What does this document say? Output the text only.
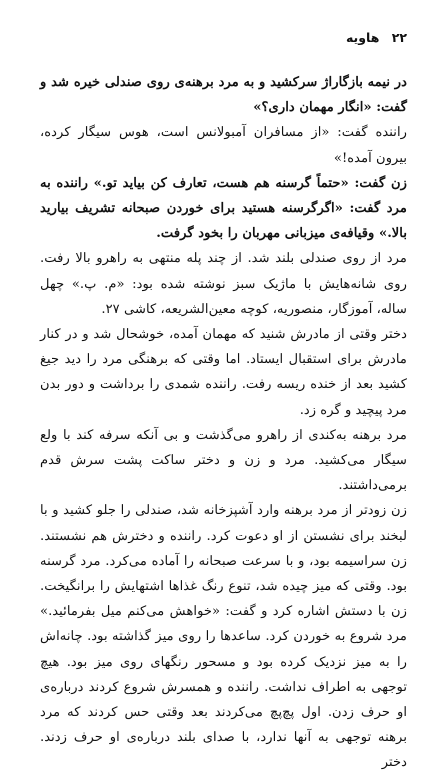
۲۲ هاویه

در نیمه بازگاراژ سرکشید و به مرد برهنه‌ی روی صندلی خیره شد و گفت: «انگار مهمان داری؟»

راننده گفت: «از مسافران آمبولانس است، هوس سیگار کرده، بیرون آمده!»

زن گفت: «حتماً گرسنه هم هست، تعارف کن بیاید تو.» راننده به مرد گفت: «اگرگرسنه هستید برای خوردن صبحانه تشریف بیارید بالا.» وقیافه‌ی میزبانی مهربان را بخود گرفت.

مرد از روی صندلی بلند شد. از چند پله منتهی به راهرو بالا رفت. روی شانه‌هایش با ماژیک سبز نوشته شده بود: «م. پ.» چهل ساله، آموزگار، منصوریه، کوچه معین‌الشریعه، کاشی ۲۷.

دختر وقتی از مادرش شنید که مهمان آمده، خوشحال شد و در کنار مادرش برای استقبال ایستاد. اما وقتی که برهنگی مرد را دید جیغ کشید بعد از خنده ریسه رفت. راننده شمدی را برداشت و دور بدن مرد پیچید و گره زد.

مرد برهنه به‌کندی از راهرو می‌گذشت و بی آنکه سرفه کند با ولع سیگار می‌کشید. مرد و زن و دختر ساکت پشت سرش قدم برمی‌داشتند.

زن زودتر از مرد برهنه وارد آشپزخانه شد، صندلی را جلو کشید و با لبخند برای نشستن از او دعوت کرد. راننده و دخترش هم نشستند. زن سراسیمه بود، و با سرعت صبحانه را آماده می‌کرد. مرد گرسنه بود. وقتی که میز چیده شد، تنوع رنگ غذاها اشتهایش را برانگیخت. زن با دستش اشاره کرد و گفت: «خواهش می‌کنم میل بفرمائید.» مرد شروع به خوردن کرد. ساعدها را روی میز گذاشته بود. چانه‌اش را به میز نزدیک کرده بود و مسحور رنگهای روی میز بود. هیچ توجهی به اطراف نداشت. راننده و همسرش شروع کردند درباره‌ی او حرف زدن. اول پچ‌پچ می‌کردند بعد وقتی حس کردند که مرد برهنه توجهی به آنها ندارد، با صدای بلند درباره‌ی او حرف زدند. دختر
